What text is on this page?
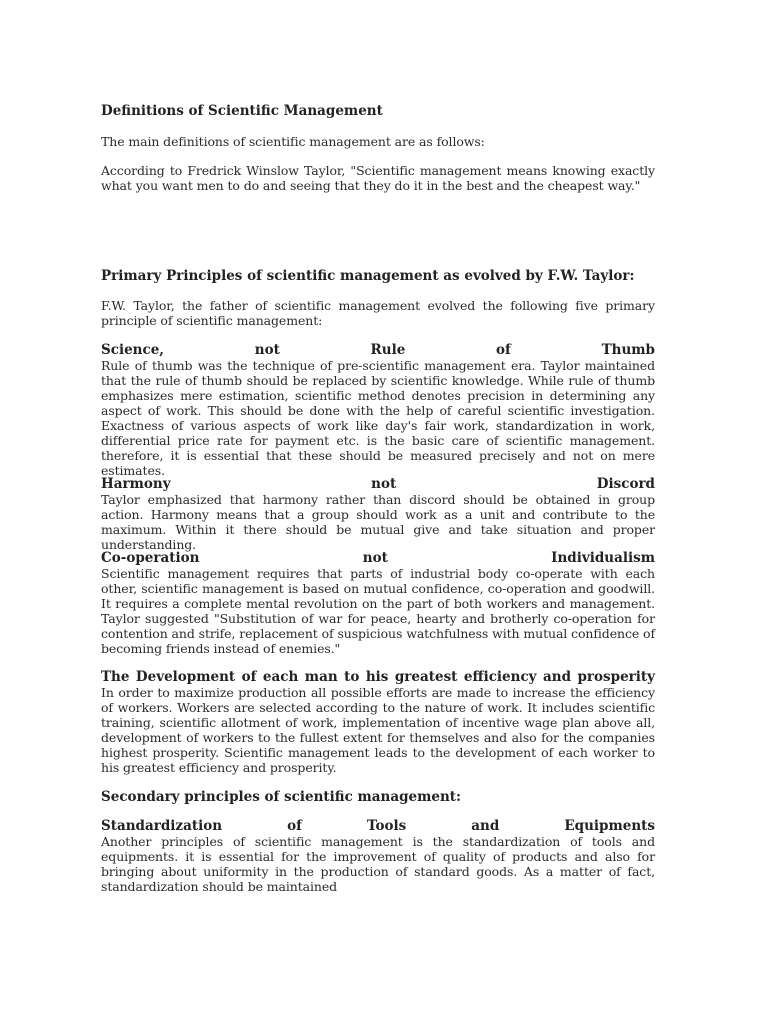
Definitions of Scientific Management

The main definitions of scientific management are as follows:

According to Fredrick Winslow Taylor, "Scientific management means knowing exactly what you want men to do and seeing that they do it in the best and the cheapest way."

Primary Principles of scientific management as evolved by F.W. Taylor:

F.W. Taylor, the father of scientific management evolved the following five primary principle of scientific management:

Science, not Rule of Thumb

Rule of thumb was the technique of pre-scientific management era. Taylor maintained that the rule of thumb should be replaced by scientific knowledge. While rule of thumb emphasizes mere estimation, scientific method denotes precision in determining any aspect of work. This should be done with the help of careful scientific investigation. Exactness of various aspects of work like day's fair work, standardization in work, differential price rate for payment etc. is the basic care of scientific management. therefore, it is essential that these should be measured precisely and not on mere estimates.

Harmony not Discord

Taylor emphasized that harmony rather than discord should be obtained in group action. Harmony means that a group should work as a unit and contribute to the maximum. Within it there should be mutual give and take situation and proper understanding.

Co-operation not Individualism

Scientific management requires that parts of industrial body co-operate with each other, scientific management is based on mutual confidence, co-operation and goodwill. It requires a complete mental revolution on the part of both workers and management. Taylor suggested "Substitution of war for peace, hearty and brotherly co-operation for contention and strife, replacement of suspicious watchfulness with mutual confidence of becoming friends instead of enemies."

The Development of each man to his greatest efficiency and prosperity

In order to maximize production all possible efforts are made to increase the efficiency of workers. Workers are selected according to the nature of work. It includes scientific training, scientific allotment of work, implementation of incentive wage plan above all, development of workers to the fullest extent for themselves and also for the companies highest prosperity. Scientific management leads to the development of each worker to his greatest efficiency and prosperity.

Secondary principles of scientific management:
Standardization of Tools and Equipments

Another principles of scientific management is the standardization of tools and equipments. it is essential for the improvement of quality of products and also for bringing about uniformity in the production of standard goods. As a matter of fact, standardization should be maintained
